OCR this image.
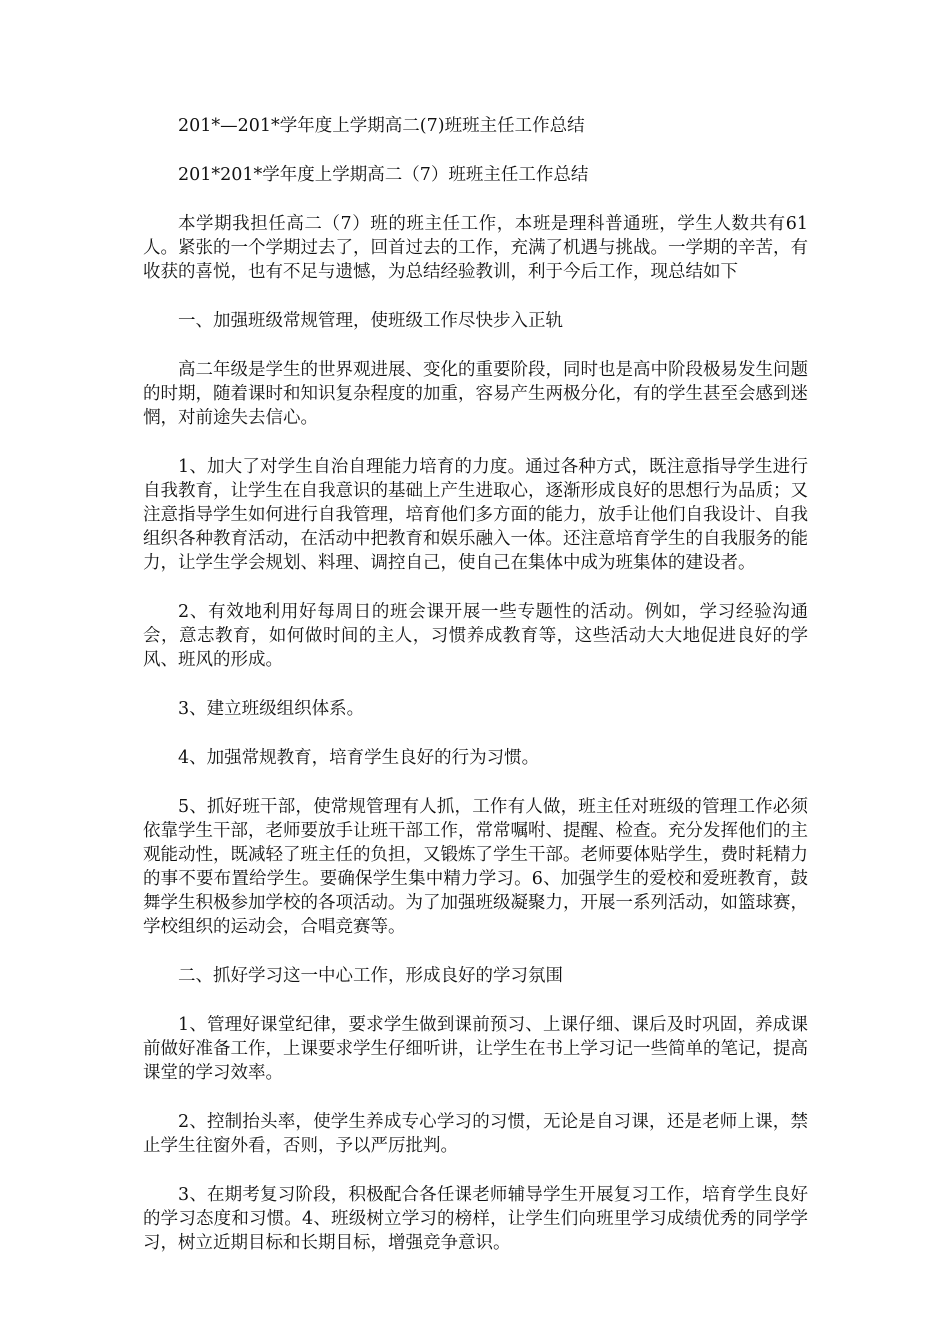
201*—201*学年度上学期高二(7)班班主任工作总结

201*201*学年度上学期高二（7）班班主任工作总结

本学期我担任高二（7）班的班主任工作，本班是理科普通班，学生人数共有61人。紧张的一个学期过去了，回首过去的工作，充满了机遇与挑战。一学期的辛苦，有收获的喜悦，也有不足与遗憾，为总结经验教训，利于今后工作，现总结如下

一、加强班级常规管理，使班级工作尽快步入正轨

高二年级是学生的世界观进展、变化的重要阶段，同时也是高中阶段极易发生问题的时期，随着课时和知识复杂程度的加重，容易产生两极分化，有的学生甚至会感到迷惘，对前途失去信心。

1、加大了对学生自治自理能力培育的力度。通过各种方式，既注意指导学生进行自我教育，让学生在自我意识的基础上产生进取心，逐渐形成良好的思想行为品质；又注意指导学生如何进行自我管理，培育他们多方面的能力，放手让他们自我设计、自我组织各种教育活动，在活动中把教育和娱乐融入一体。还注意培育学生的自我服务的能力，让学生学会规划、料理、调控自己，使自己在集体中成为班集体的建设者。

2、有效地利用好每周日的班会课开展一些专题性的活动。例如，学习经验沟通会，意志教育，如何做时间的主人，习惯养成教育等，这些活动大大地促进良好的学风、班风的形成。

3、建立班级组织体系。

4、加强常规教育，培育学生良好的行为习惯。

5、抓好班干部，使常规管理有人抓，工作有人做，班主任对班级的管理工作必须依靠学生干部，老师要放手让班干部工作，常常嘱咐、提醒、检查。充分发挥他们的主观能动性，既减轻了班主任的负担，又锻炼了学生干部。老师要体贴学生，费时耗精力的事不要布置给学生。要确保学生集中精力学习。6、加强学生的爱校和爱班教育，鼓舞学生积极参加学校的各项活动。为了加强班级凝聚力，开展一系列活动，如篮球赛，学校组织的运动会，合唱竞赛等。

二、抓好学习这一中心工作，形成良好的学习氛围

1、管理好课堂纪律，要求学生做到课前预习、上课仔细、课后及时巩固，养成课前做好准备工作，上课要求学生仔细听讲，让学生在书上学习记一些简单的笔记，提高课堂的学习效率。

2、控制抬头率，使学生养成专心学习的习惯，无论是自习课，还是老师上课，禁止学生往窗外看，否则，予以严厉批判。

3、在期考复习阶段，积极配合各任课老师辅导学生开展复习工作，培育学生良好的学习态度和习惯。4、班级树立学习的榜样，让学生们向班里学习成绩优秀的同学学习，树立近期目标和长期目标，增强竞争意识。
